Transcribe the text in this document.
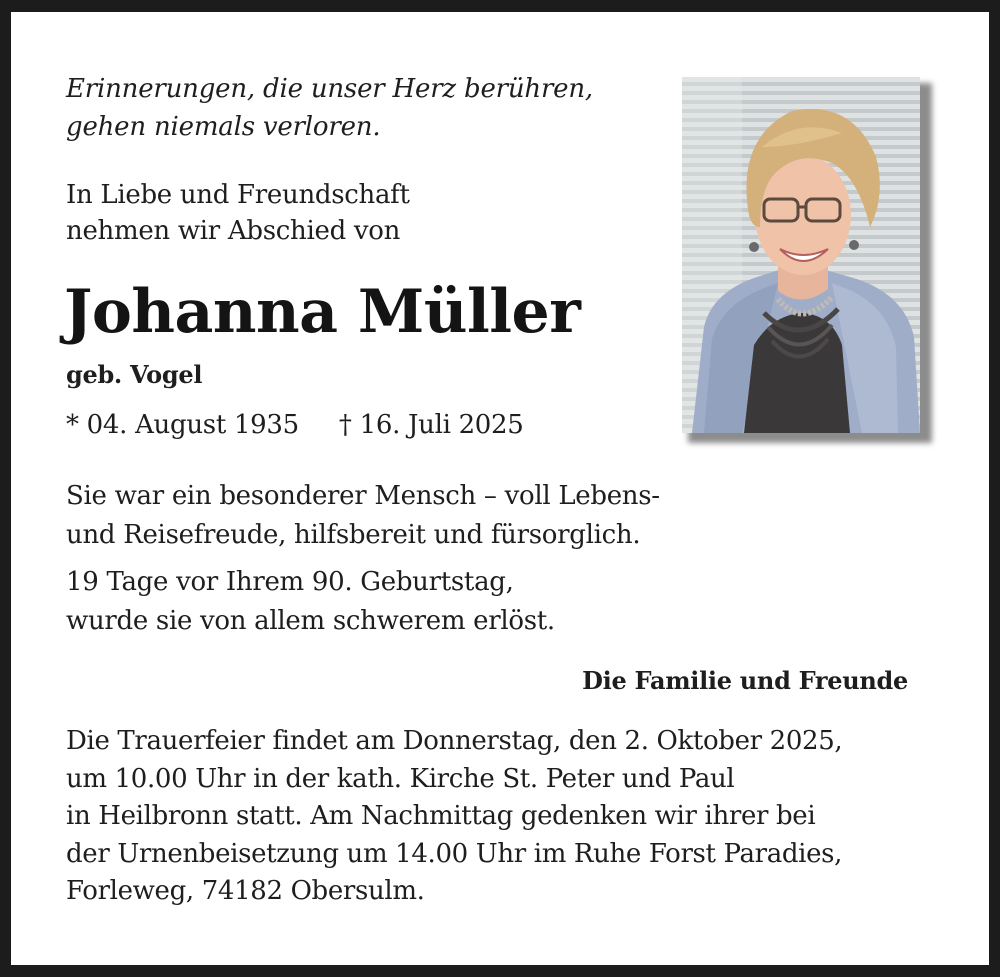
Erinnerungen, die unser Herz berühren,
gehen niemals verloren.

In Liebe und Freundschaft
nehmen wir Abschied von

Johanna Müller

geb. Vogel

* 04. August 1935 † 16. Juli 2025

Sie war ein besonderer Mensch – voll Lebens-
und Reisefreude, hilfsbereit und fürsorglich.

19 Tage vor Ihrem 90. Geburtstag,
wurde sie von allem schwerem erlöst.

Die Familie und Freunde

Die Trauerfeier findet am Donnerstag, den 2. Oktober 2025,
um 10.00 Uhr in der kath. Kirche St. Peter und Paul
in Heilbronn statt. Am Nachmittag gedenken wir ihrer bei
der Urnenbeisetzung um 14.00 Uhr im Ruhe Forst Paradies,
Forleweg, 74182 Obersulm.
